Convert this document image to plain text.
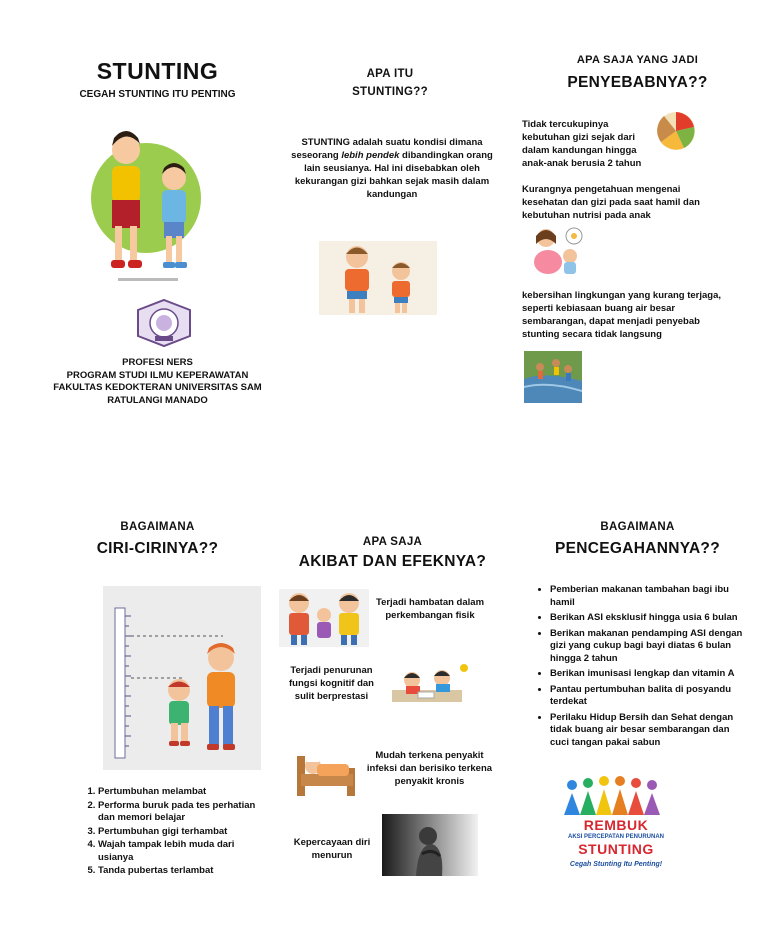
STUNTING
CEGAH STUNTING ITU PENTING
PROFESI NERS
PROGRAM STUDI ILMU KEPERAWATAN
FAKULTAS KEDOKTERAN UNIVERSITAS SAM
RATULANGI MANADO
APA ITU
STUNTING??
STUNTING adalah suatu kondisi dimana seseorang lebih pendek dibandingkan orang lain seusianya. Hal ini disebabkan oleh kekurangan gizi bahkan sejak masih dalam kandungan
APA SAJA YANG JADI
PENYEBABNYA??
Tidak tercukupinya kebutuhan gizi sejak dari dalam kandungan hingga anak-anak berusia 2 tahun
Kurangnya pengetahuan mengenai kesehatan dan gizi pada saat hamil dan kebutuhan nutrisi pada anak
kebersihan lingkungan yang kurang terjaga, seperti kebiasaan buang air besar sembarangan, dapat menjadi penyebab stunting secara tidak langsung
BAGAIMANA
CIRI-CIRINYA??
1. Pertumbuhan melambat
2. Performa buruk pada tes perhatian dan memori belajar
3. Pertumbuhan gigi terhambat
4. Wajah tampak lebih muda dari usianya
5. Tanda pubertas terlambat
APA SAJA
AKIBAT DAN EFEKNYA?
Terjadi hambatan dalam perkembangan fisik
Terjadi penurunan fungsi kognitif dan sulit berprestasi
Mudah terkena penyakit infeksi dan berisiko terkena penyakit kronis
Kepercayaan diri menurun
BAGAIMANA
PENCEGAHANNYA??
• Pemberian makanan tambahan bagi ibu hamil
• Berikan ASI eksklusif hingga usia 6 bulan
• Berikan makanan pendamping ASI dengan gizi yang cukup bagi bayi diatas 6 bulan hingga 2 tahun
• Berikan imunisasi lengkap dan vitamin A
• Pantau pertumbuhan balita di posyandu terdekat
• Perilaku Hidup Bersih dan Sehat dengan tidak buang air besar sembarangan dan cuci tangan pakai sabun
REMBUK
AKSI PERCEPATAN PENURUNAN
STUNTING
Cegah Stunting Itu Penting!
